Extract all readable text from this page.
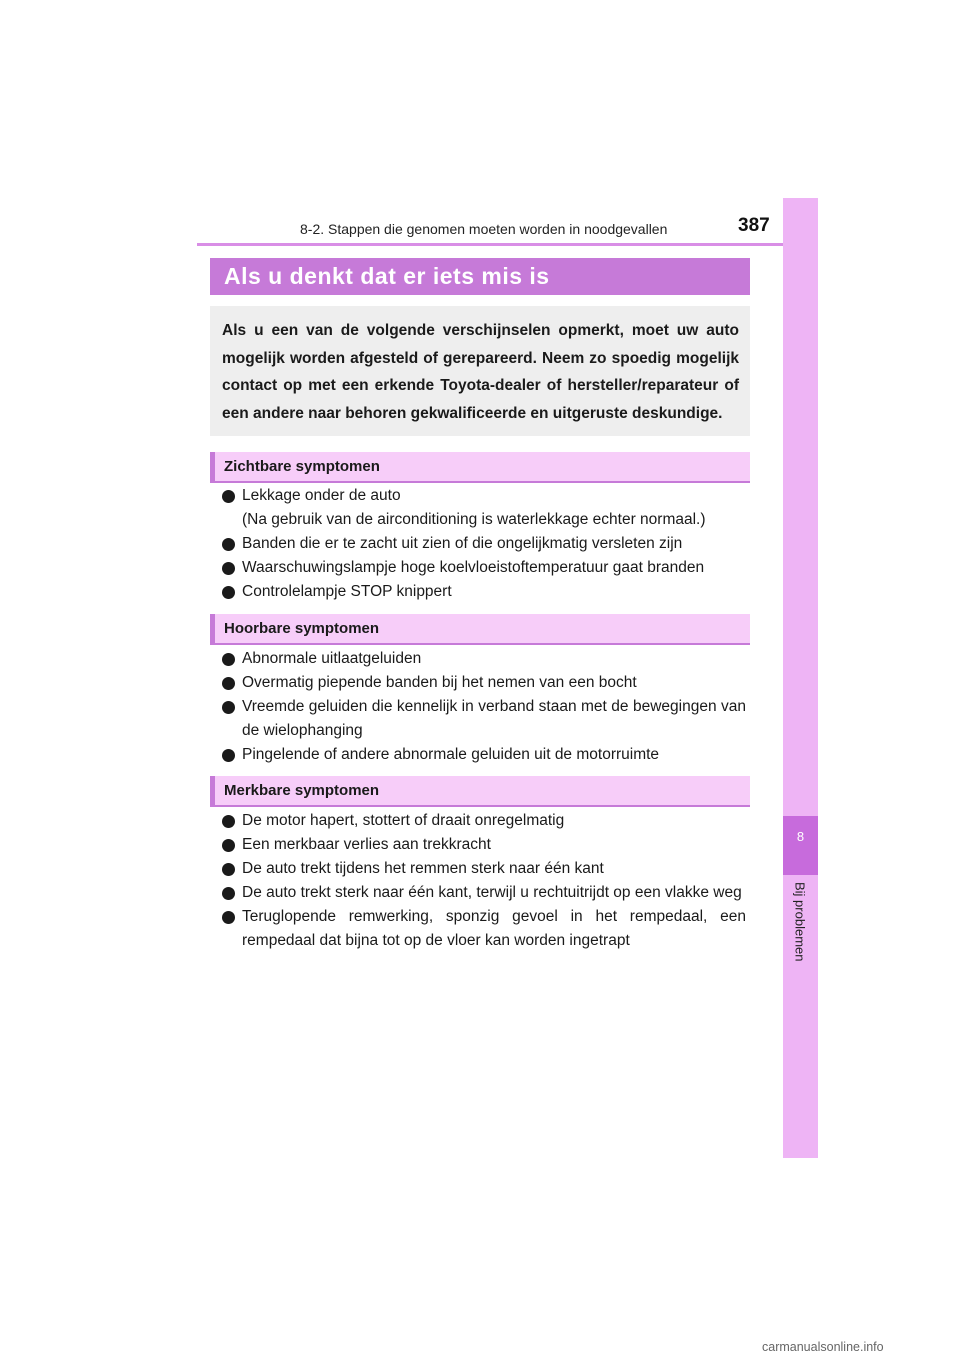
8-2. Stappen die genomen moeten worden in noodgevallen	387
8
Bij problemen
Als u denkt dat er iets mis is

Als u een van de volgende verschijnselen opmerkt, moet uw auto mogelijk worden afgesteld of gerepareerd. Neem zo spoedig mogelijk contact op met een erkende Toyota-dealer of hersteller/reparateur of een andere naar behoren gekwalificeerde en uitgeruste deskundige.

Zichtbare symptomen
Lekkage onder de auto
(Na gebruik van de airconditioning is waterlekkage echter normaal.)
Banden die er te zacht uit zien of die ongelijkmatig versleten zijn
Waarschuwingslampje hoge koelvloeistoftemperatuur gaat branden
Controlelampje STOP knippert
Hoorbare symptomen
Abnormale uitlaatgeluiden
Overmatig piepende banden bij het nemen van een bocht
Vreemde geluiden die kennelijk in verband staan met de bewegingen van de wielophanging
Pingelende of andere abnormale geluiden uit de motorruimte
Merkbare symptomen
De motor hapert, stottert of draait onregelmatig
Een merkbaar verlies aan trekkracht
De auto trekt tijdens het remmen sterk naar één kant
De auto trekt sterk naar één kant, terwijl u rechtuitrijdt op een vlakke weg
Teruglopende remwerking, sponzig gevoel in het rempedaal, een rempedaal dat bijna tot op de vloer kan worden ingetrapt
carmanualsonline.info
